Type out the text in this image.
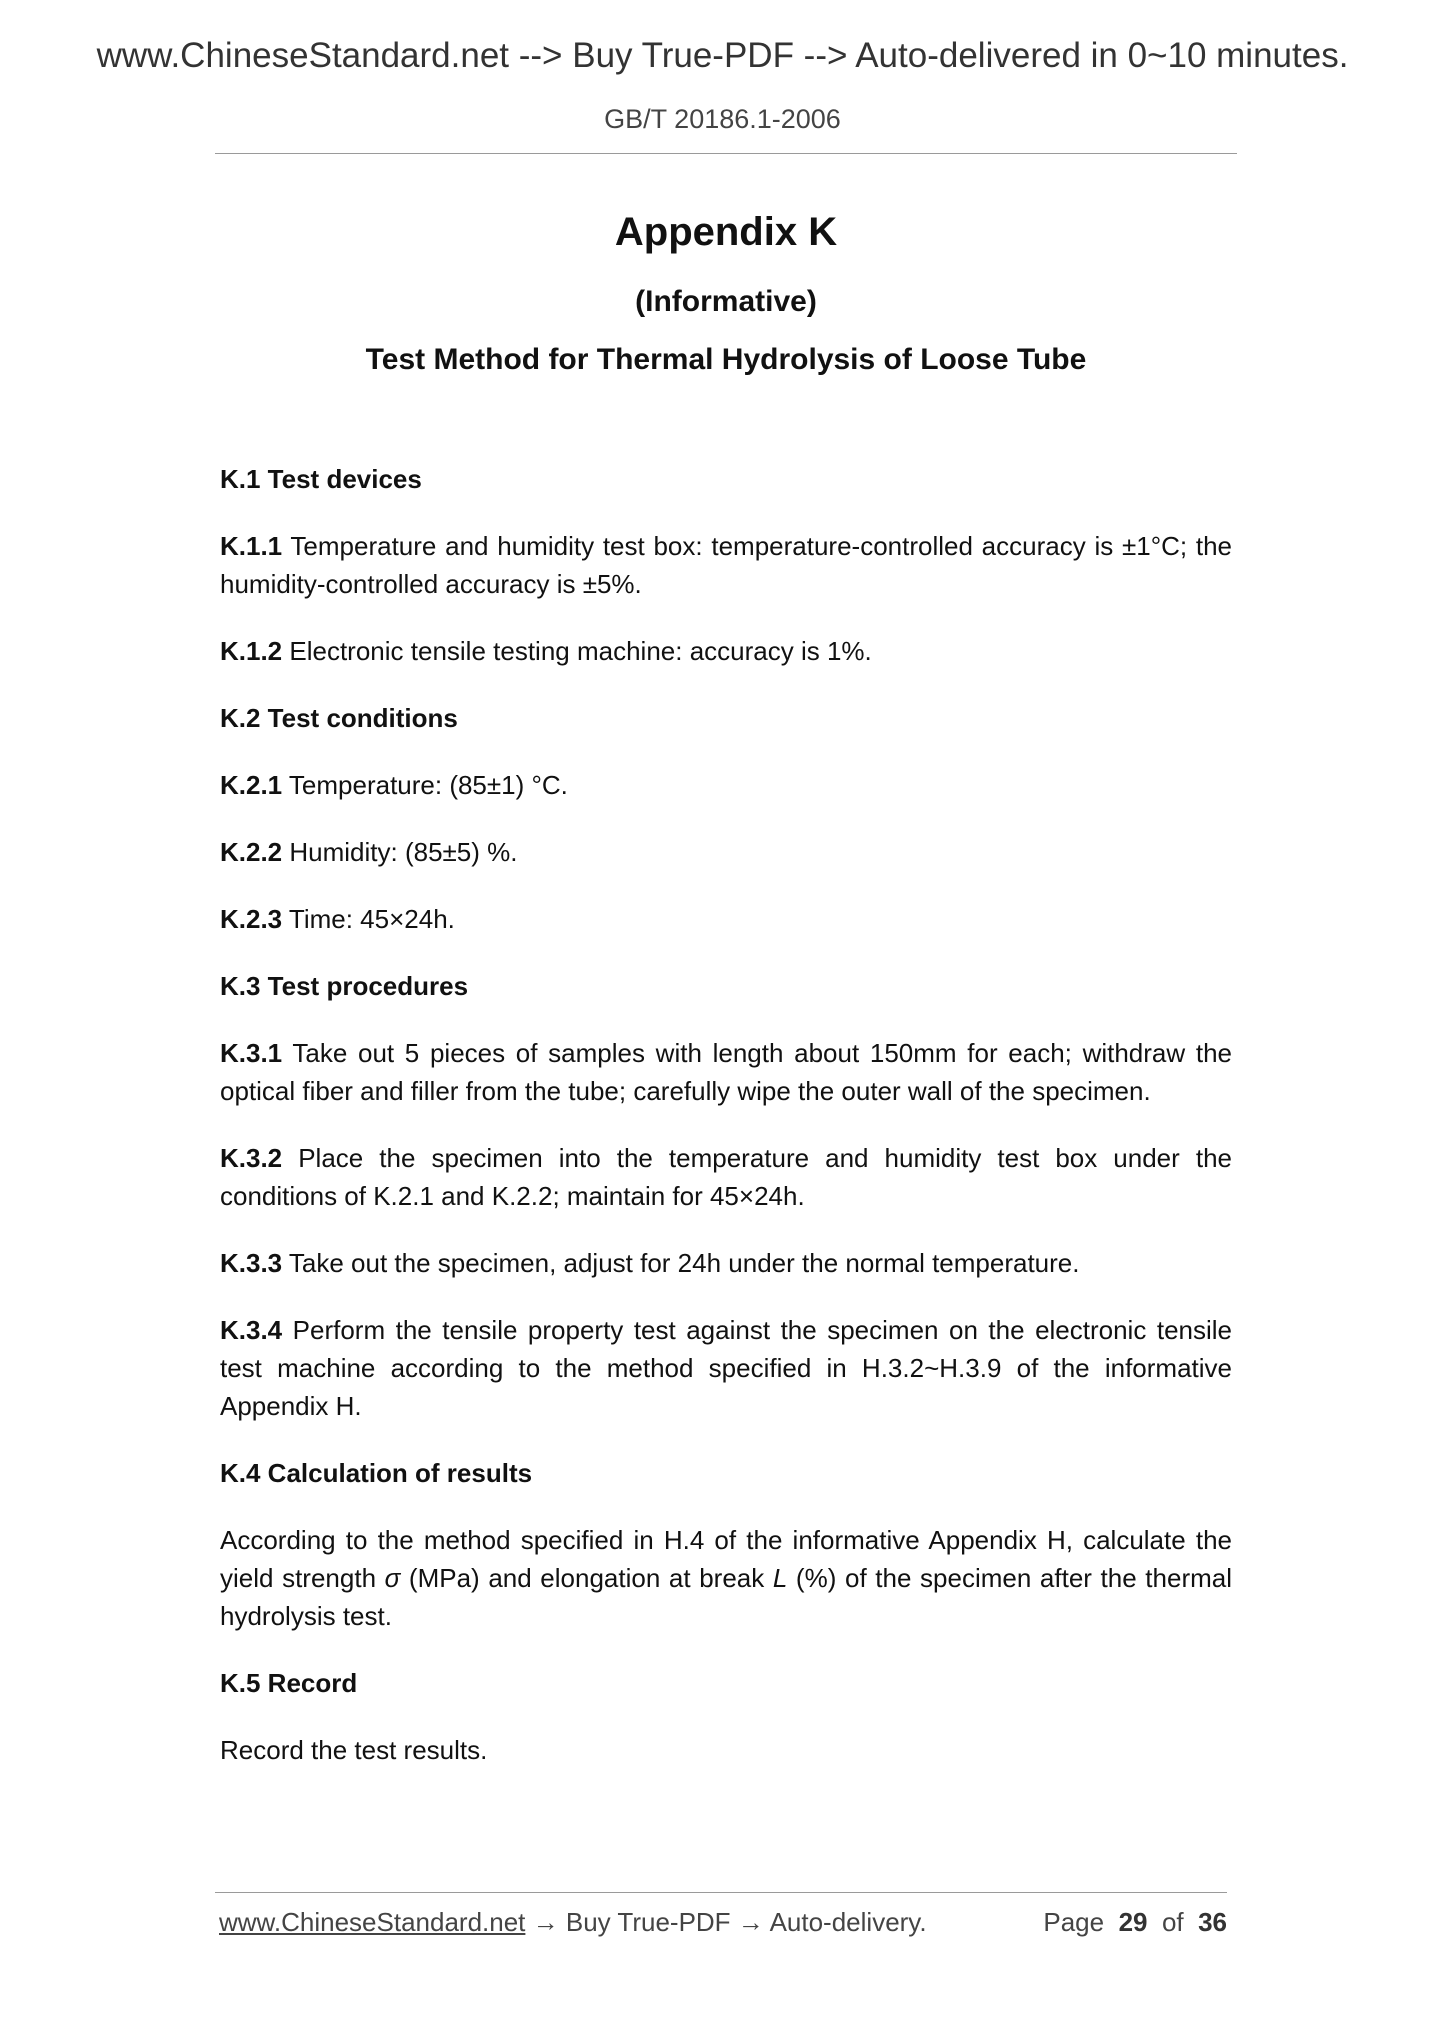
www.ChineseStandard.net --> Buy True-PDF --> Auto-delivered in 0~10 minutes.
GB/T 20186.1-2006
Appendix K
(Informative)
Test Method for Thermal Hydrolysis of Loose Tube

K.1 Test devices

K.1.1 Temperature and humidity test box: temperature-controlled accuracy is ±1°C; the humidity-controlled accuracy is ±5%.

K.1.2 Electronic tensile testing machine: accuracy is 1%.

K.2 Test conditions

K.2.1 Temperature: (85±1) °C.

K.2.2 Humidity: (85±5) %.

K.2.3 Time: 45×24h.

K.3 Test procedures

K.3.1 Take out 5 pieces of samples with length about 150mm for each; withdraw the optical fiber and filler from the tube; carefully wipe the outer wall of the specimen.

K.3.2 Place the specimen into the temperature and humidity test box under the conditions of K.2.1 and K.2.2; maintain for 45×24h.

K.3.3 Take out the specimen, adjust for 24h under the normal temperature.

K.3.4 Perform the tensile property test against the specimen on the electronic tensile test machine according to the method specified in H.3.2~H.3.9 of the informative Appendix H.

K.4 Calculation of results

According to the method specified in H.4 of the informative Appendix H, calculate the yield strength σ (MPa) and elongation at break L (%) of the specimen after the thermal hydrolysis test.

K.5 Record

Record the test results.

www.ChineseStandard.net → Buy True-PDF → Auto-delivery.	Page 29 of 36
